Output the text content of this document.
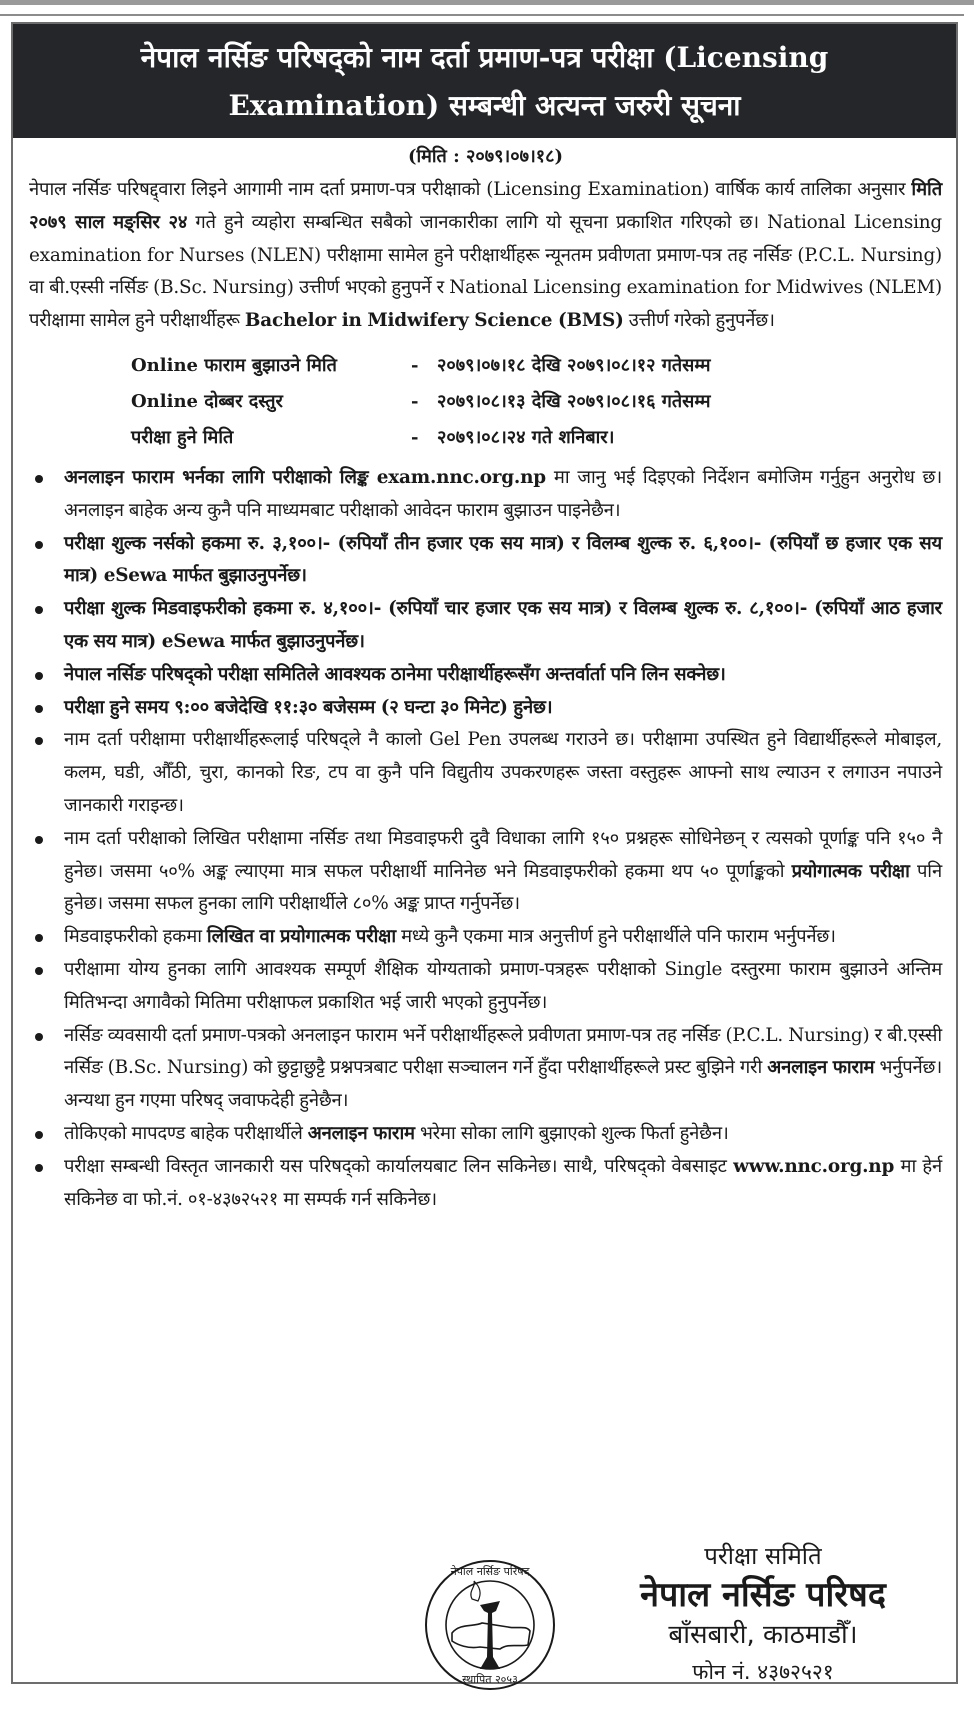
नेपाल नर्सिङ परिषद्को नाम दर्ता प्रमाण-पत्र परीक्षा (Licensing
Examination) सम्बन्धी अत्यन्त जरुरी सूचना
(मिति : २०७९।०७।१८)

नेपाल नर्सिङ परिषद्द्वारा लिइने आगामी नाम दर्ता प्रमाण-पत्र परीक्षाको (Licensing Examination) वार्षिक कार्य तालिका अनुसार मिति २०७९ साल मङ्सिर २४ गते हुने व्यहोरा सम्बन्धित सबैको जानकारीका लागि यो सूचना प्रकाशित गरिएको छ। National Licensing examination for Nurses (NLEN) परीक्षामा सामेल हुने परीक्षार्थीहरू न्यूनतम प्रवीणता प्रमाण-पत्र तह नर्सिङ (P.C.L. Nursing) वा बी.एस्सी नर्सिङ (B.Sc. Nursing) उत्तीर्ण भएको हुनुपर्ने र National Licensing examination for Midwives (NLEM) परीक्षामा सामेल हुने परीक्षार्थीहरू Bachelor in Midwifery Science (BMS) उत्तीर्ण गरेको हुनुपर्नेछ।

Online फाराम बुझाउने मिति	-	२०७९।०७।१८ देखि २०७९।०८।१२ गतेसम्म
Online दोब्बर दस्तुर	-	२०७९।०८।१३ देखि २०७९।०८।१६ गतेसम्म
परीक्षा हुने मिति	-	२०७९।०८।२४ गते शनिबार।
अनलाइन फाराम भर्नका लागि परीक्षाको लिङ्क exam.nnc.org.np मा जानु भई दिइएको निर्देशन बमोजिम गर्नुहुन अनुरोध छ। अनलाइन बाहेक अन्य कुनै पनि माध्यमबाट परीक्षाको आवेदन फाराम बुझाउन पाइनेछैन।
परीक्षा शुल्क नर्सको हकमा रु. ३,१००।- (रुपियाँ तीन हजार एक सय मात्र) र विलम्ब शुल्क रु. ६,१००।- (रुपियाँ छ हजार एक सय मात्र) eSewa मार्फत बुझाउनुपर्नेछ।
परीक्षा शुल्क मिडवाइफरीको हकमा रु. ४,१००।- (रुपियाँ चार हजार एक सय मात्र) र विलम्ब शुल्क रु. ८,१००।- (रुपियाँ आठ हजार एक सय मात्र) eSewa मार्फत बुझाउनुपर्नेछ।
नेपाल नर्सिङ परिषद्को परीक्षा समितिले आवश्यक ठानेमा परीक्षार्थीहरूसँग अन्तर्वार्ता पनि लिन सक्नेछ।
परीक्षा हुने समय ९:०० बजेदेखि ११:३० बजेसम्म (२ घन्टा ३० मिनेट) हुनेछ।
नाम दर्ता परीक्षामा परीक्षार्थीहरूलाई परिषद्ले नै कालो Gel Pen उपलब्ध गराउने छ। परीक्षामा उपस्थित हुने विद्यार्थीहरूले मोबाइल, कलम, घडी, औँठी, चुरा, कानको रिङ, टप वा कुनै पनि विद्युतीय उपकरणहरू जस्ता वस्तुहरू आफ्नो साथ ल्याउन र लगाउन नपाउने जानकारी गराइन्छ।
नाम दर्ता परीक्षाको लिखित परीक्षामा नर्सिङ तथा मिडवाइफरी दुवै विधाका लागि १५० प्रश्नहरू सोधिनेछन् र त्यसको पूर्णाङ्क पनि १५० नै हुनेछ। जसमा ५०% अङ्क ल्याएमा मात्र सफल परीक्षार्थी मानिनेछ भने मिडवाइफरीको हकमा थप ५० पूर्णाङ्कको प्रयोगात्मक परीक्षा पनि हुनेछ। जसमा सफल हुनका लागि परीक्षार्थीले ८०% अङ्क प्राप्त गर्नुपर्नेछ।
मिडवाइफरीको हकमा लिखित वा प्रयोगात्मक परीक्षा मध्ये कुनै एकमा मात्र अनुत्तीर्ण हुने परीक्षार्थीले पनि फाराम भर्नुपर्नेछ।
परीक्षामा योग्य हुनका लागि आवश्यक सम्पूर्ण शैक्षिक योग्यताको प्रमाण-पत्रहरू परीक्षाको Single दस्तुरमा फाराम बुझाउने अन्तिम मितिभन्दा अगावैको मितिमा परीक्षाफल प्रकाशित भई जारी भएको हुनुपर्नेछ।
नर्सिङ व्यवसायी दर्ता प्रमाण-पत्रको अनलाइन फाराम भर्ने परीक्षार्थीहरूले प्रवीणता प्रमाण-पत्र तह नर्सिङ (P.C.L. Nursing) र बी.एस्सी नर्सिङ (B.Sc. Nursing) को छुट्टाछुट्टै प्रश्नपत्रबाट परीक्षा सञ्चालन गर्ने हुँदा परीक्षार्थीहरूले प्रस्ट बुझिने गरी अनलाइन फाराम भर्नुपर्नेछ। अन्यथा हुन गएमा परिषद् जवाफदेही हुनेछैन।
तोकिएको मापदण्ड बाहेक परीक्षार्थीले अनलाइन फाराम भरेमा सोका लागि बुझाएको शुल्क फिर्ता हुनेछैन।
परीक्षा सम्बन्धी विस्तृत जानकारी यस परिषद्को कार्यालयबाट लिन सकिनेछ। साथै, परिषद्को वेबसाइट www.nnc.org.np मा हेर्न सकिनेछ वा फो.नं. ०१-४३७२५२१ मा सम्पर्क गर्न सकिनेछ।
नेपाल नर्सिङ परिषद
स्थापित २०५३
परीक्षा समिति
नेपाल नर्सिङ परिषद
बाँसबारी, काठमाडौँ।
फोन नं. ४३७२५२१
